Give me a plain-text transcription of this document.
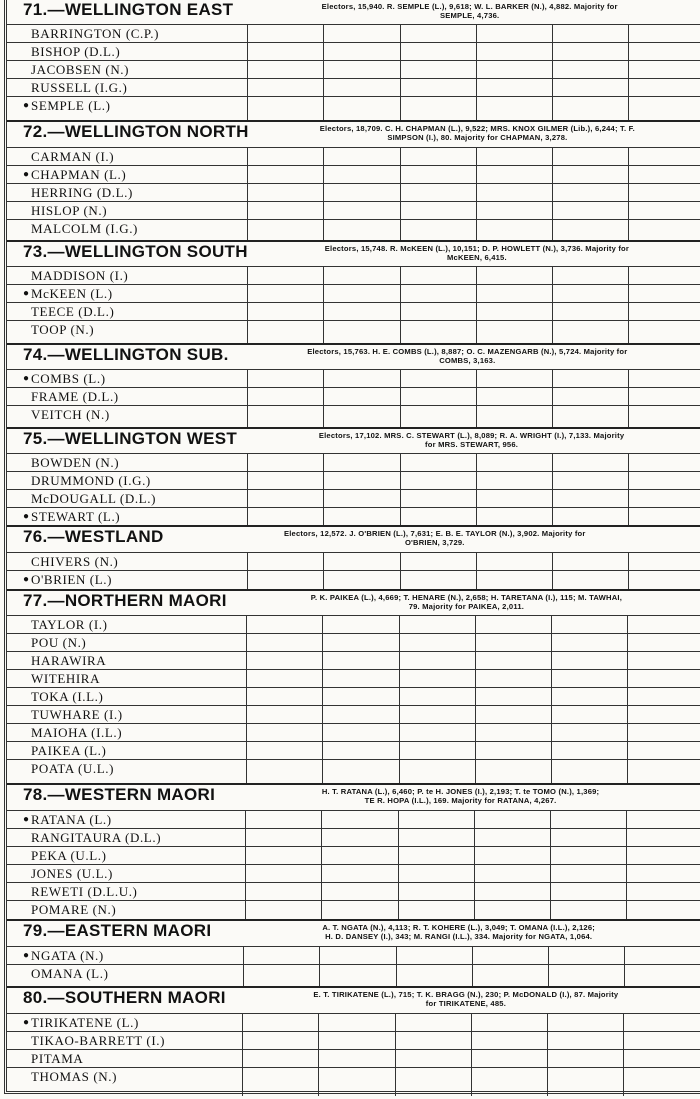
71.—WELLINGTON EAST	Electors, 15,940. R. SEMPLE (L.), 9,618; W. L. BARKER (N.), 4,882. Majority for
SEMPLE, 4,736.
BARRINGTON (C.P.)
BISHOP (D.L.)
JACOBSEN (N.)
RUSSELL (I.G.)
●SEMPLE (L.)
72.—WELLINGTON NORTH	Electors, 18,709. C. H. CHAPMAN (L.), 9,522; MRS. KNOX GILMER (Lib.), 6,244; T. F.
SIMPSON (I.), 80. Majority for CHAPMAN, 3,278.
CARMAN (I.)
●CHAPMAN (L.)
HERRING (D.L.)
HISLOP (N.)
MALCOLM (I.G.)
73.—WELLINGTON SOUTH	Electors, 15,748. R. McKEEN (L.), 10,151; D. P. HOWLETT (N.), 3,736. Majority for
McKEEN, 6,415.
MADDISON (I.)
●McKEEN (L.)
TEECE (D.L.)
TOOP (N.)
74.—WELLINGTON SUB.	Electors, 15,763. H. E. COMBS (L.), 8,887; O. C. MAZENGARB (N.), 5,724. Majority for
COMBS, 3,163.
●COMBS (L.)
FRAME (D.L.)
VEITCH (N.)
75.—WELLINGTON WEST	Electors, 17,102. MRS. C. STEWART (L.), 8,089; R. A. WRIGHT (I.), 7,133. Majority
for MRS. STEWART, 956.
BOWDEN (N.)
DRUMMOND (I.G.)
McDOUGALL (D.L.)
●STEWART (L.)
76.—WESTLAND	Electors, 12,572. J. O'BRIEN (L.), 7,631; E. B. E. TAYLOR (N.), 3,902. Majority for
O'BRIEN, 3,729.
CHIVERS (N.)
●O'BRIEN (L.)
77.—NORTHERN MAORI	P. K. PAIKEA (L.), 4,669; T. HENARE (N.), 2,658; H. TARETANA (I.), 115; M. TAWHAI,
79. Majority for PAIKEA, 2,011.
TAYLOR (I.)
POU (N.)
HARAWIRA
WITEHIRA
TOKA (I.L.)
TUWHARE (I.)
MAIOHA (I.L.)
PAIKEA (L.)
POATA (U.L.)
78.—WESTERN MAORI	H. T. RATANA (L.), 6,460; P. te H. JONES (I.), 2,193; T. te TOMO (N.), 1,369;
TE R. HOPA (I.L.), 169. Majority for RATANA, 4,267.
●RATANA (L.)
RANGITAURA (D.L.)
PEKA (U.L.)
JONES (U.L.)
REWETI (D.L.U.)
POMARE (N.)
79.—EASTERN MAORI	A. T. NGATA (N.), 4,113; R. T. KOHERE (L.), 3,049; T. OMANA (I.L.), 2,126;
H. D. DANSEY (I.), 343; M. RANGI (I.L.), 334. Majority for NGATA, 1,064.
●NGATA (N.)
OMANA (L.)
80.—SOUTHERN MAORI	E. T. TIRIKATENE (L.), 715; T. K. BRAGG (N.), 230; P. McDONALD (I.), 87. Majority
for TIRIKATENE, 485.
●TIRIKATENE (L.)
TIKAO-BARRETT (I.)
PITAMA
THOMAS (N.)
